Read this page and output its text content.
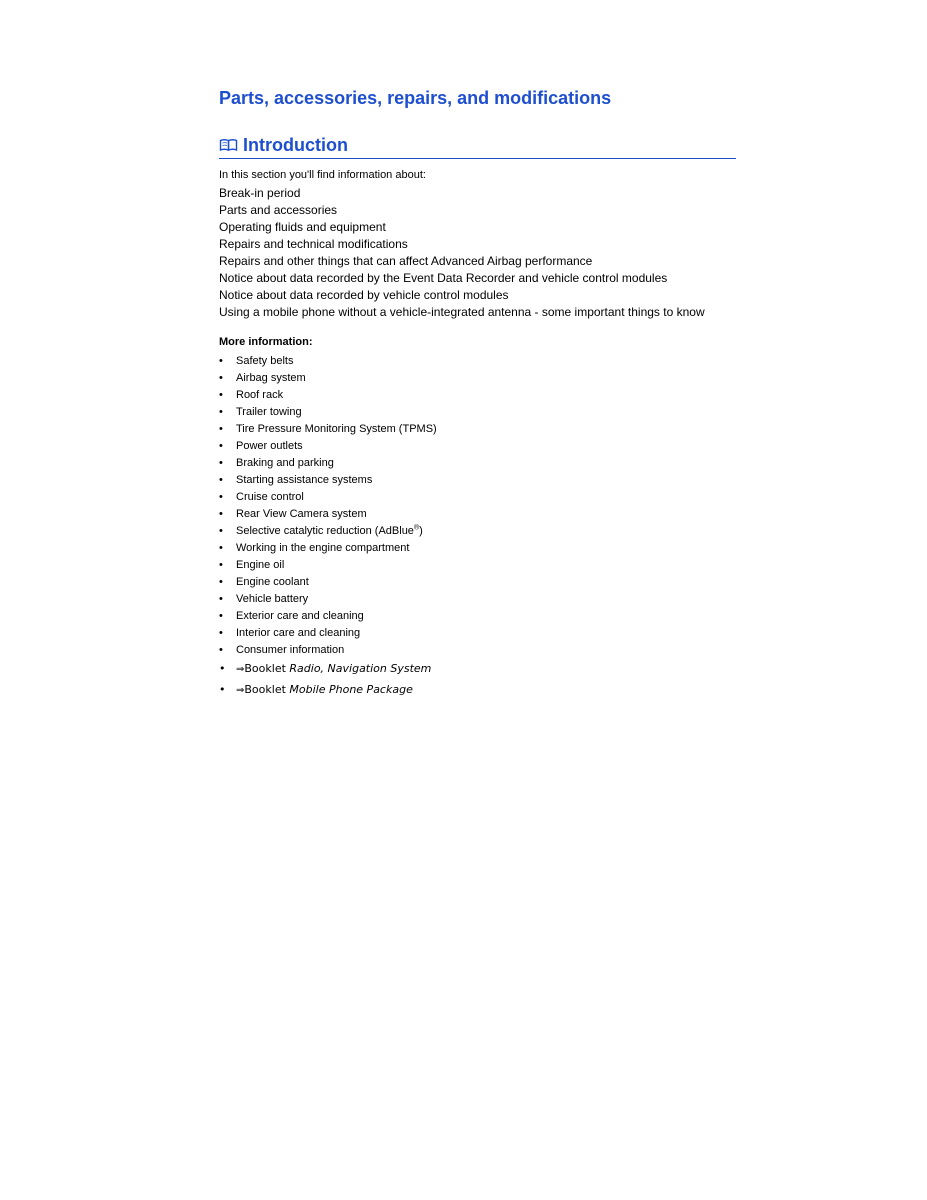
Parts, accessories, repairs, and modifications
Introduction

In this section you'll find information about:

Break-in period
Parts and accessories
Operating fluids and equipment
Repairs and technical modifications
Repairs and other things that can affect Advanced Airbag performance
Notice about data recorded by the Event Data Recorder and vehicle control modules
Notice about data recorded by vehicle control modules
Using a mobile phone without a vehicle-integrated antenna - some important things to know

More information:

• Safety belts
• Airbag system
• Roof rack
• Trailer towing
• Tire Pressure Monitoring System (TPMS)
• Power outlets
• Braking and parking
• Starting assistance systems
• Cruise control
• Rear View Camera system
• Selective catalytic reduction (AdBlue®)
• Working in the engine compartment
• Engine oil
• Engine coolant
• Vehicle battery
• Exterior care and cleaning
• Interior care and cleaning
• Consumer information
• ⇒Booklet Radio, Navigation System
• ⇒Booklet Mobile Phone Package
